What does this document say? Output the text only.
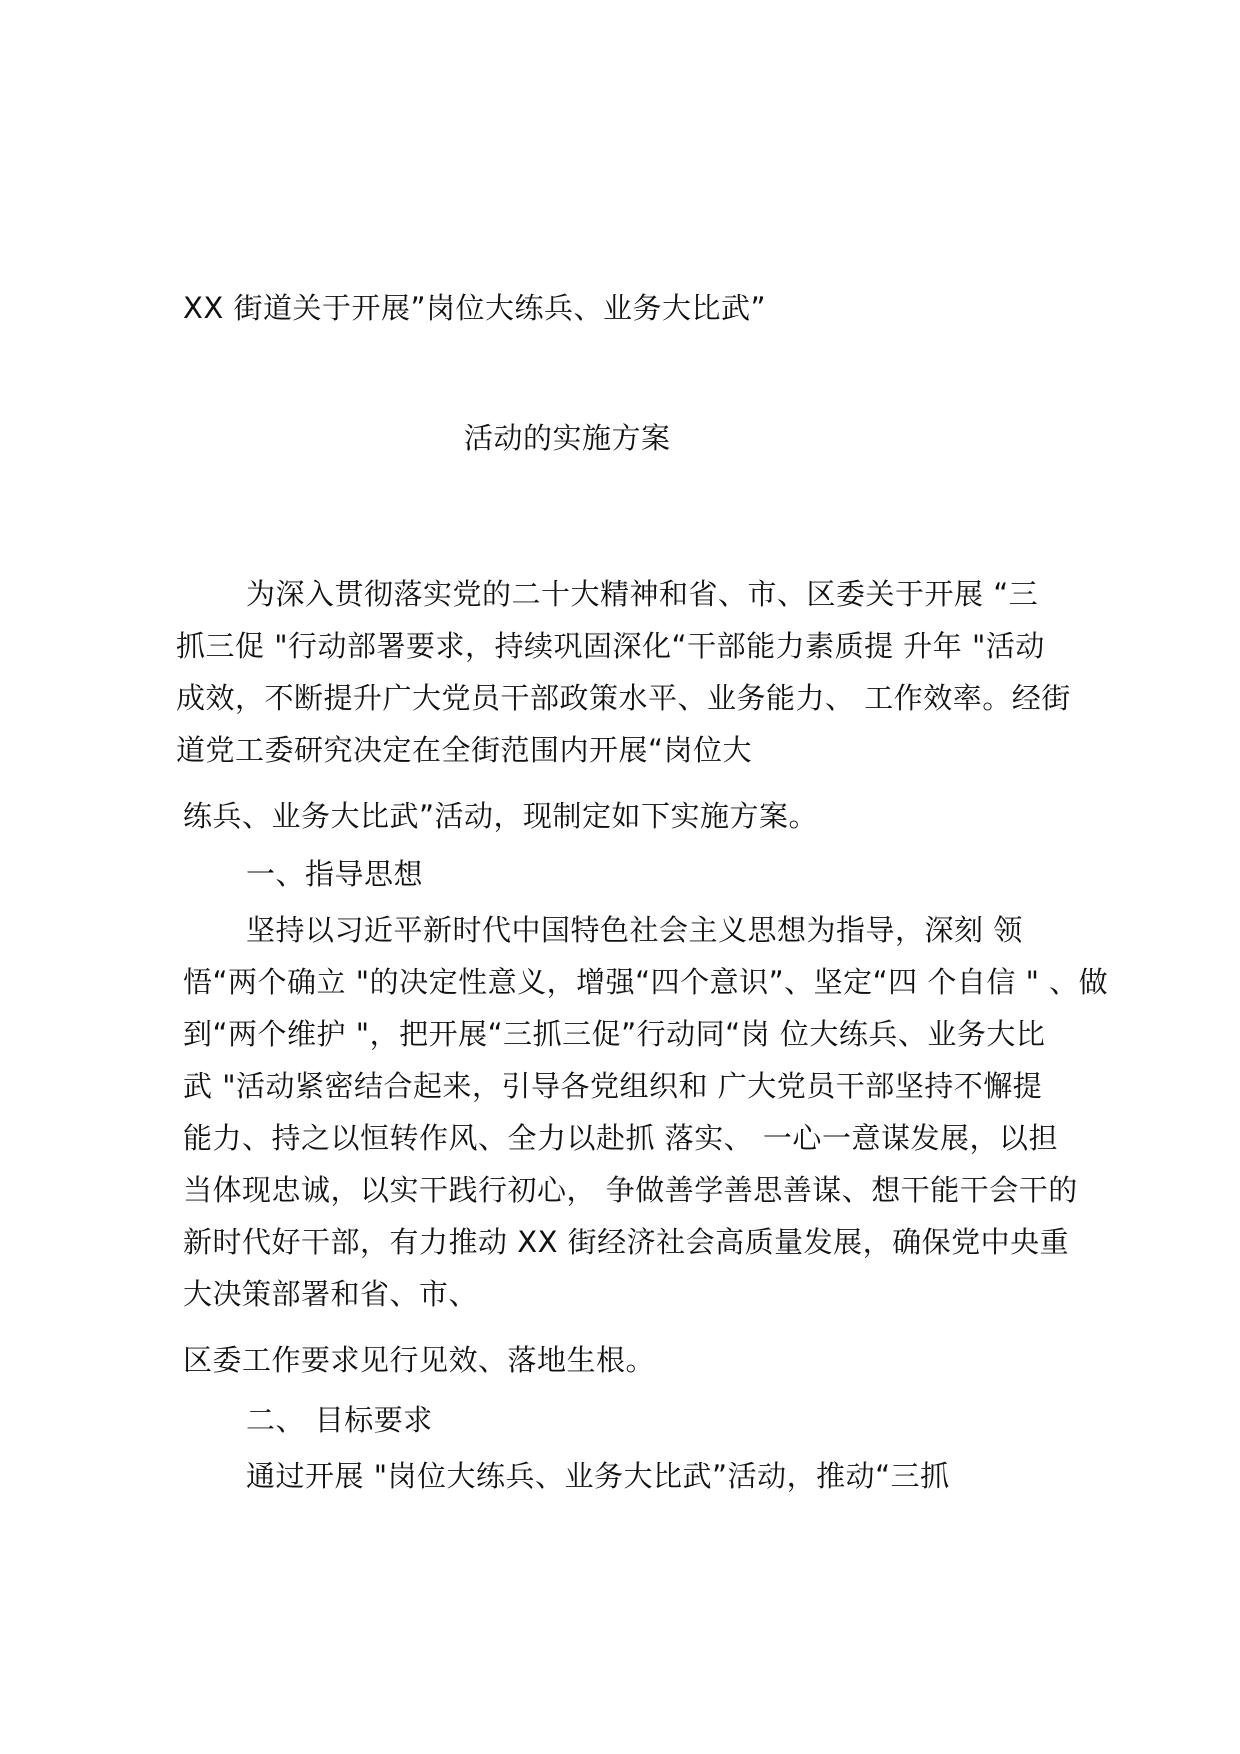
XX 街道关于开展”岗位大练兵、业务大比武”
活动的实施方案
为深入贯彻落实党的二十大精神和省、市、区委关于开展 “三
抓三促 "行动部署要求，持续巩固深化“干部能力素质提 升年 "活动
成效，不断提升广大党员干部政策水平、业务能力、 工作效率。经街
道党工委研究决定在全街范围内开展“岗位大
练兵、业务大比武”活动，现制定如下实施方案。
一、指导思想
坚持以习近平新时代中国特色社会主义思想为指导，深刻 领
悟“两个确立 "的决定性意义，增强“四个意识”、坚定“四 个自信 " 、做
到“两个维护 "，把开展“三抓三促”行动同“岗 位大练兵、业务大比
武 "活动紧密结合起来，引导各党组织和 广大党员干部坚持不懈提
能力、持之以恒转作风、全力以赴抓 落实、 一心一意谋发展，以担
当体现忠诚，以实干践行初心， 争做善学善思善谋、想干能干会干的
新时代好干部，有力推动 XX 街经济社会高质量发展，确保党中央重
大决策部署和省、市、
区委工作要求见行见效、落地生根。
二、 目标要求
通过开展 "岗位大练兵、业务大比武”活动，推动“三抓
